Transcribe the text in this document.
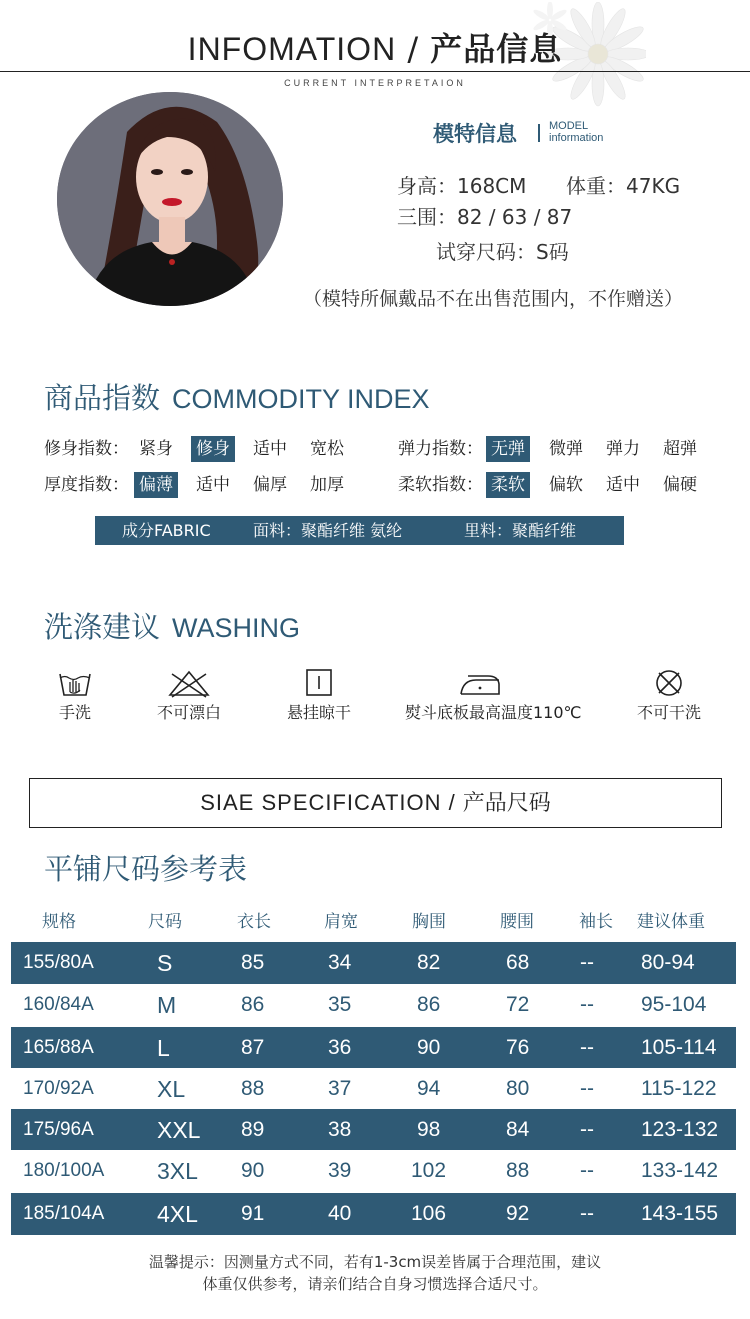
INFOMATION / 产品信息
CURRENT INTERPRETAION
模特信息	MODEL
information
身高：168CM 体重：47KG
三围：82 / 63 / 87
试穿尺码：S码
（模特所佩戴品不在出售范围内，不作赠送）
商品指数 COMMODITY INDEX
修身指数： 紧身 修身 适中 宽松	弹力指数： 无弹 微弹 弹力 超弹
厚度指数： 偏薄 适中 偏厚 加厚	柔软指数： 柔软 偏软 适中 偏硬
成分FABRIC	面料：聚酯纤维 氨纶	里料：聚酯纤维
洗涤建议 WASHING
手洗	不可漂白	悬挂晾干	熨斗底板最高温度110℃	不可干洗
SIAE SPECIFICATION / 产品尺码
平铺尺码参考表
规格	尺码	衣长	肩宽	胸围	腰围	袖长 建议体重
155/80A	S	85	34	82	68 -- 80-94
160/84A	M	86	35	86	72 -- 95-104
165/88A	L	87	36	90	76 -- 105-114
170/92A	XL	88	37	94	80 -- 115-122
175/96A	XXL 89	38	98	84 -- 123-132
180/100A 3XL 90	39	102	88 -- 133-142
185/104A 4XL 91	40	106	92 -- 143-155
温馨提示：因测量方式不同，若有1-3cm误差皆属于合理范围，建议
体重仅供参考，请亲们结合自身习惯选择合适尺寸。
